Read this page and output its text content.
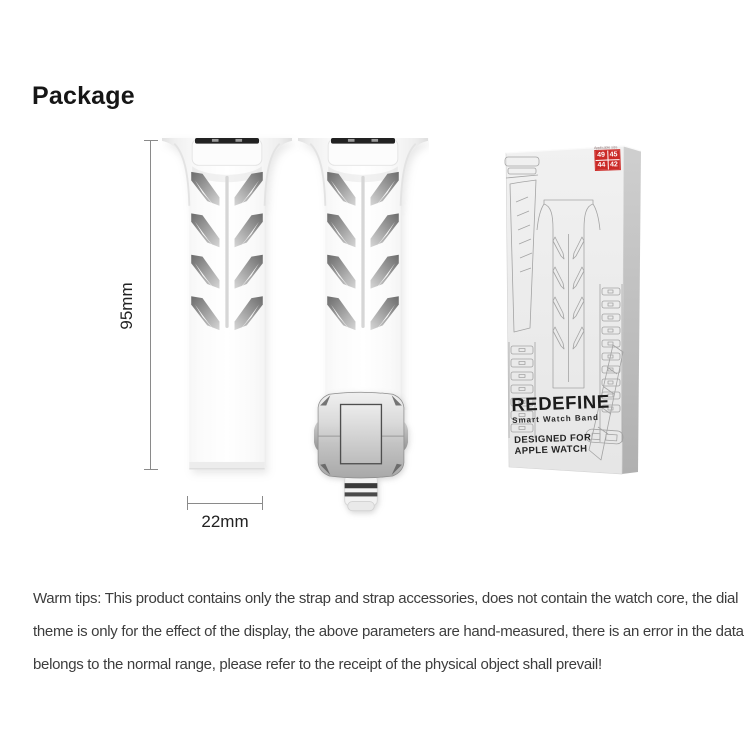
Package
95mm
22mm
REDEFINE
Smart Watch Band
DESIGNED FOR
APPLE WATCH
Applicable size
49 45
44 42

Warm tips: This product contains only the strap and strap accessories, does not contain the watch core, the dial theme is only for the effect of the display, the above parameters are hand-measured, there is an error in the data belongs to the normal range, please refer to the receipt of the physical object shall prevail!
